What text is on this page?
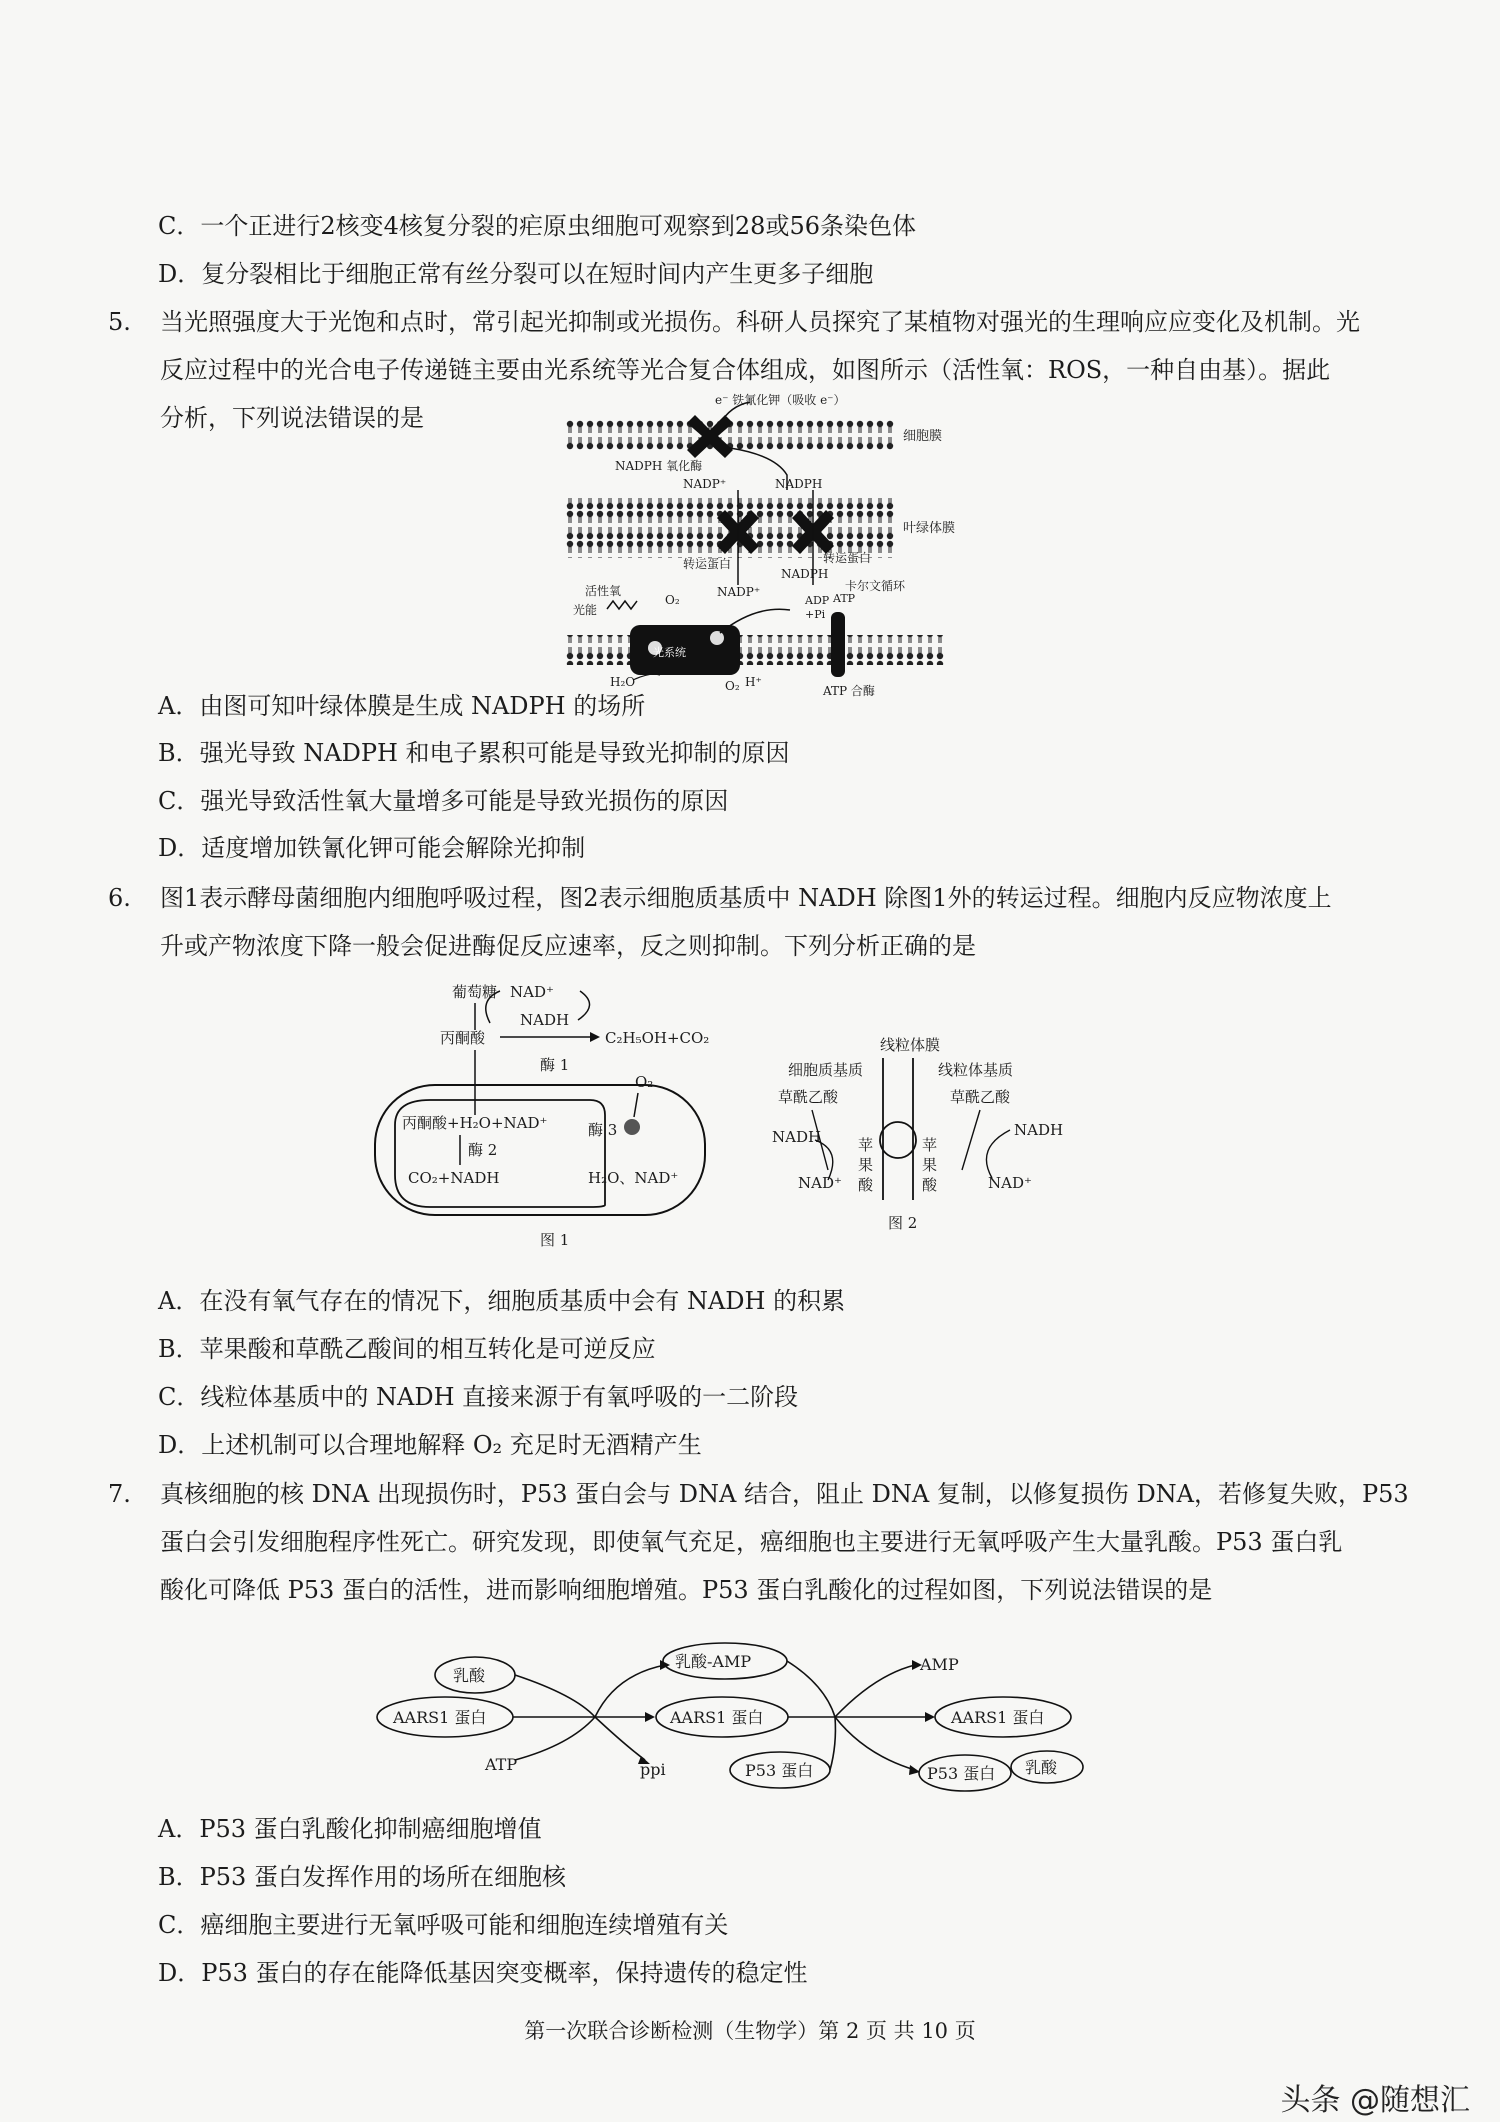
C．一个正进行2核变4核复分裂的疟原虫细胞可观察到28或56条染色体
D．复分裂相比于细胞正常有丝分裂可以在短时间内产生更多子细胞
5. 当光照强度大于光饱和点时，常引起光抑制或光损伤。科研人员探究了某植物对强光的生理响应应变化及机制。光
反应过程中的光合电子传递链主要由光系统等光合复合体组成，如图所示（活性氧：ROS，一种自由基）。据此
分析，下列说法错误的是
细胞膜
e⁻ 铁氰化钾（吸收 e⁻）
NADPH 氧化酶
NADP⁺	NADPH
叶绿体膜
转运蛋白	转运蛋白
NADPH
NADP⁺	卡尔文循环
活性氧
光能
O₂
光系统
ADP
+Pi
ATP
ATP 合酶
H⁺
H₂O	O₂
A．由图可知叶绿体膜是生成 NADPH 的场所
B．强光导致 NADPH 和电子累积可能是导致光抑制的原因
C．强光导致活性氧大量增多可能是导致光损伤的原因
D．适度增加铁氰化钾可能会解除光抑制
6. 图1表示酵母菌细胞内细胞呼吸过程，图2表示细胞质基质中 NADH 除图1外的转运过程。细胞内反应物浓度上
升或产物浓度下降一般会促进酶促反应速率，反之则抑制。下列分析正确的是
葡萄糖 NAD⁺
NADH
丙酮酸	C₂H₅OH+CO₂
酶 1
O₂
丙酮酸+H₂O+NAD⁺
酶 2
CO₂+NADH
酶 3
H₂O、NAD⁺
图 1
线粒体膜
细胞质基质	线粒体基质
草酰乙酸	草酰乙酸
NADH	NADH
NAD⁺	NAD⁺
苹
果
酸
苹
果
酸
图 2
A．在没有氧气存在的情况下，细胞质基质中会有 NADH 的积累
B．苹果酸和草酰乙酸间的相互转化是可逆反应
C．线粒体基质中的 NADH 直接来源于有氧呼吸的一二阶段
D．上述机制可以合理地解释 O₂ 充足时无酒精产生
7. 真核细胞的核 DNA 出现损伤时，P53 蛋白会与 DNA 结合，阻止 DNA 复制，以修复损伤 DNA，若修复失败，P53
蛋白会引发细胞程序性死亡。研究发现，即使氧气充足，癌细胞也主要进行无氧呼吸产生大量乳酸。P53 蛋白乳
酸化可降低 P53 蛋白的活性，进而影响细胞增殖。P53 蛋白乳酸化的过程如图，下列说法错误的是
乳酸
AARS1 蛋白
ATP
乳酸-AMP
AARS1 蛋白
ppi	P53 蛋白
AMP
AARS1 蛋白
P53 蛋白 乳酸
A．P53 蛋白乳酸化抑制癌细胞增值
B．P53 蛋白发挥作用的场所在细胞核
C．癌细胞主要进行无氧呼吸可能和细胞连续增殖有关
D．P53 蛋白的存在能降低基因突变概率，保持遗传的稳定性
第一次联合诊断检测（生物学）第 2 页 共 10 页
头条 @随想汇
